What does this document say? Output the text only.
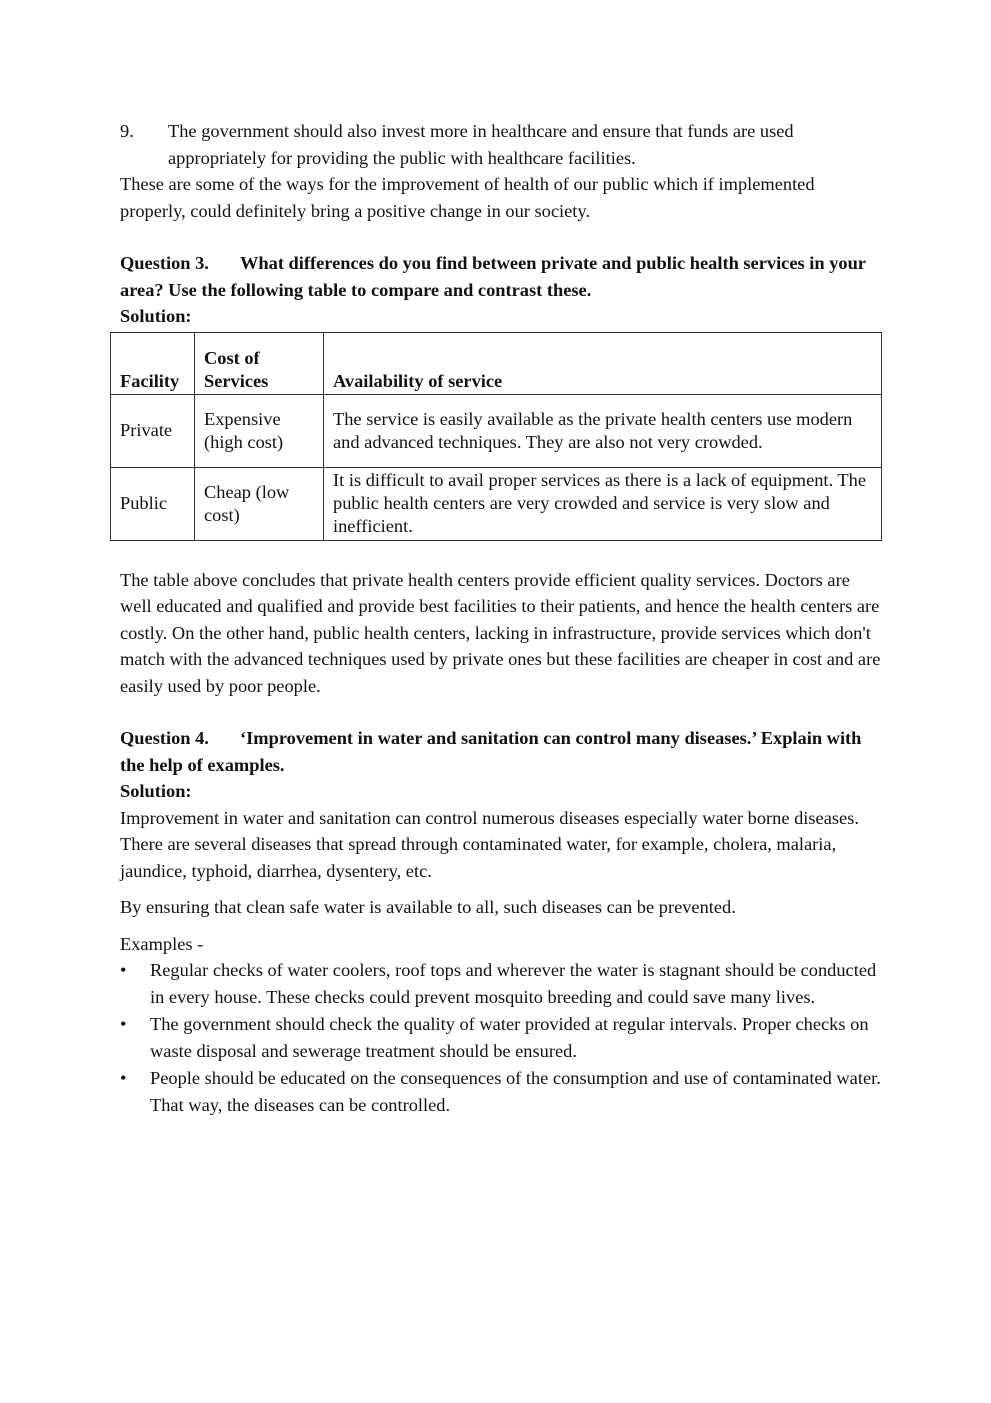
9. The government should also invest more in healthcare and ensure that funds are used appropriately for providing the public with healthcare facilities.

These are some of the ways for the improvement of health of our public which if implemented properly, could definitely bring a positive change in our society.

Question 3. What differences do you find between private and public health services in your area? Use the following table to compare and contrast these.

Solution:

Facility	Cost of Services	Availability of service
Private	Expensive (high cost)	The service is easily available as the private health centers use modern and advanced techniques. They are also not very crowded.
Public	Cheap (low cost)	It is difficult to avail proper services as there is a lack of equipment. The public health centers are very crowded and service is very slow and inefficient.

The table above concludes that private health centers provide efficient quality services. Doctors are well educated and qualified and provide best facilities to their patients, and hence the health centers are costly. On the other hand, public health centers, lacking in infrastructure, provide services which don't match with the advanced techniques used by private ones but these facilities are cheaper in cost and are easily used by poor people.

Question 4. ‘Improvement in water and sanitation can control many diseases.’ Explain with the help of examples.

Solution:

Improvement in water and sanitation can control numerous diseases especially water borne diseases. There are several diseases that spread through contaminated water, for example, cholera, malaria, jaundice, typhoid, diarrhea, dysentery, etc.

By ensuring that clean safe water is available to all, such diseases can be prevented.

Examples -

• Regular checks of water coolers, roof tops and wherever the water is stagnant should be conducted in every house. These checks could prevent mosquito breeding and could save many lives.
• The government should check the quality of water provided at regular intervals. Proper checks on waste disposal and sewerage treatment should be ensured.
• People should be educated on the consequences of the consumption and use of contaminated water. That way, the diseases can be controlled.
